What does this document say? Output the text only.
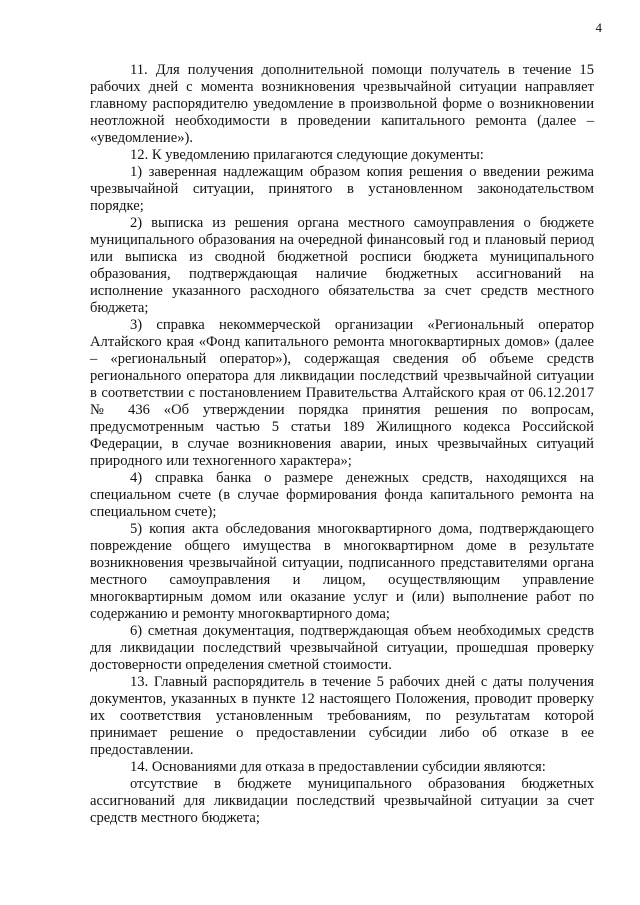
4

11. Для получения дополнительной помощи получатель в течение 15 рабочих дней с момента возникновения чрезвычайной ситуации направляет главному распорядителю уведомление в произвольной форме о возникновении неотложной необходимости в проведении капитального ремонта (далее – «уведомление»).

12. К уведомлению прилагаются следующие документы:

1) заверенная надлежащим образом копия решения о введении режима чрезвычайной ситуации, принятого в установленном законодательством порядке;

2) выписка из решения органа местного самоуправления о бюджете муниципального образования на очередной финансовый год и плановый период или выписка из сводной бюджетной росписи бюджета муниципального образования, подтверждающая наличие бюджетных ассигнований на исполнение указанного расходного обязательства за счет средств местного бюджета;

3) справка некоммерческой организации «Региональный оператор Алтайского края «Фонд капитального ремонта многоквартирных домов» (далее – «региональный оператор»), содержащая сведения об объеме средств регионального оператора для ликвидации последствий чрезвычайной ситуации в соответствии с постановлением Правительства Алтайского края от 06.12.2017 № 436 «Об утверждении порядка принятия решения по вопросам, предусмотренным частью 5 статьи 189 Жилищного кодекса Российской Федерации, в случае возникновения аварии, иных чрезвычайных ситуаций природного или техногенного характера»;

4) справка банка о размере денежных средств, находящихся на специальном счете (в случае формирования фонда капитального ремонта на специальном счете);

5) копия акта обследования многоквартирного дома, подтверждающего повреждение общего имущества в многоквартирном доме в результате возникновения чрезвычайной ситуации, подписанного представителями органа местного самоуправления и лицом, осуществляющим управление многоквартирным домом или оказание услуг и (или) выполнение работ по содержанию и ремонту многоквартирного дома;

6) сметная документация, подтверждающая объем необходимых средств для ликвидации последствий чрезвычайной ситуации, прошедшая проверку достоверности определения сметной стоимости.

13. Главный распорядитель в течение 5 рабочих дней с даты получения документов, указанных в пункте 12 настоящего Положения, проводит проверку их соответствия установленным требованиям, по результатам которой принимает решение о предоставлении субсидии либо об отказе в ее предоставлении.

14. Основаниями для отказа в предоставлении субсидии являются:

отсутствие в бюджете муниципального образования бюджетных ассигнований для ликвидации последствий чрезвычайной ситуации за счет средств местного бюджета;
